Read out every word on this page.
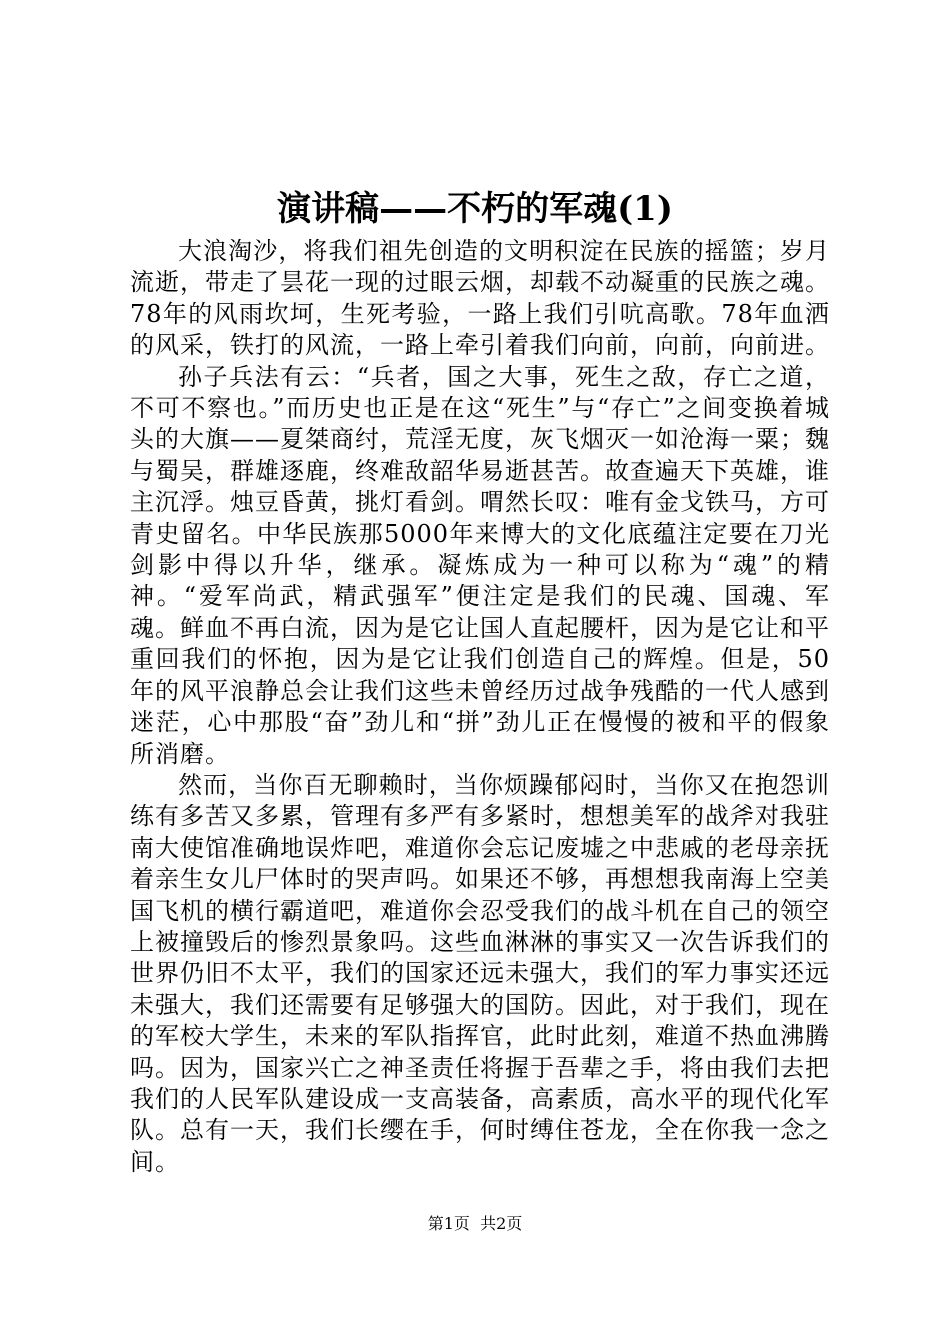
演讲稿——不朽的军魂(1)

大浪淘沙，将我们祖先创造的文明积淀在民族的摇篮；岁月流逝，带走了昙花一现的过眼云烟，却载不动凝重的民族之魂。78年的风雨坎坷，生死考验，一路上我们引吭高歌。78年血洒的风采，铁打的风流，一路上牵引着我们向前，向前，向前进。

孙子兵法有云：“兵者，国之大事，死生之敌，存亡之道，不可不察也。”而历史也正是在这“死生”与“存亡”之间变换着城头的大旗——夏桀商纣，荒淫无度，灰飞烟灭一如沧海一粟；魏与蜀吴，群雄逐鹿，终难敌韶华易逝甚苦。故查遍天下英雄，谁主沉浮。烛豆昏黄，挑灯看剑。喟然长叹：唯有金戈铁马，方可青史留名。中华民族那5000年来博大的文化底蕴注定要在刀光剑影中得以升华，继承。凝炼成为一种可以称为“魂”的精神。“爱军尚武，精武强军”便注定是我们的民魂、国魂、军魂。鲜血不再白流，因为是它让国人直起腰杆，因为是它让和平重回我们的怀抱，因为是它让我们创造自己的辉煌。但是，50年的风平浪静总会让我们这些未曾经历过战争残酷的一代人感到迷茫，心中那股“奋”劲儿和“拼”劲儿正在慢慢的被和平的假象所消磨。

然而，当你百无聊赖时，当你烦躁郁闷时，当你又在抱怨训练有多苦又多累，管理有多严有多紧时，想想美军的战斧对我驻南大使馆准确地误炸吧，难道你会忘记废墟之中悲戚的老母亲抚着亲生女儿尸体时的哭声吗。如果还不够，再想想我南海上空美国飞机的横行霸道吧，难道你会忍受我们的战斗机在自己的领空上被撞毁后的惨烈景象吗。这些血淋淋的事实又一次告诉我们的世界仍旧不太平，我们的国家还远未强大，我们的军力事实还远未强大，我们还需要有足够强大的国防。因此，对于我们，现在的军校大学生，未来的军队指挥官，此时此刻，难道不热血沸腾吗。因为，国家兴亡之神圣责任将握于吾辈之手，将由我们去把我们的人民军队建设成一支高装备，高素质，高水平的现代化军队。总有一天，我们长缨在手，何时缚住苍龙，全在你我一念之间。

第1页 共2页
